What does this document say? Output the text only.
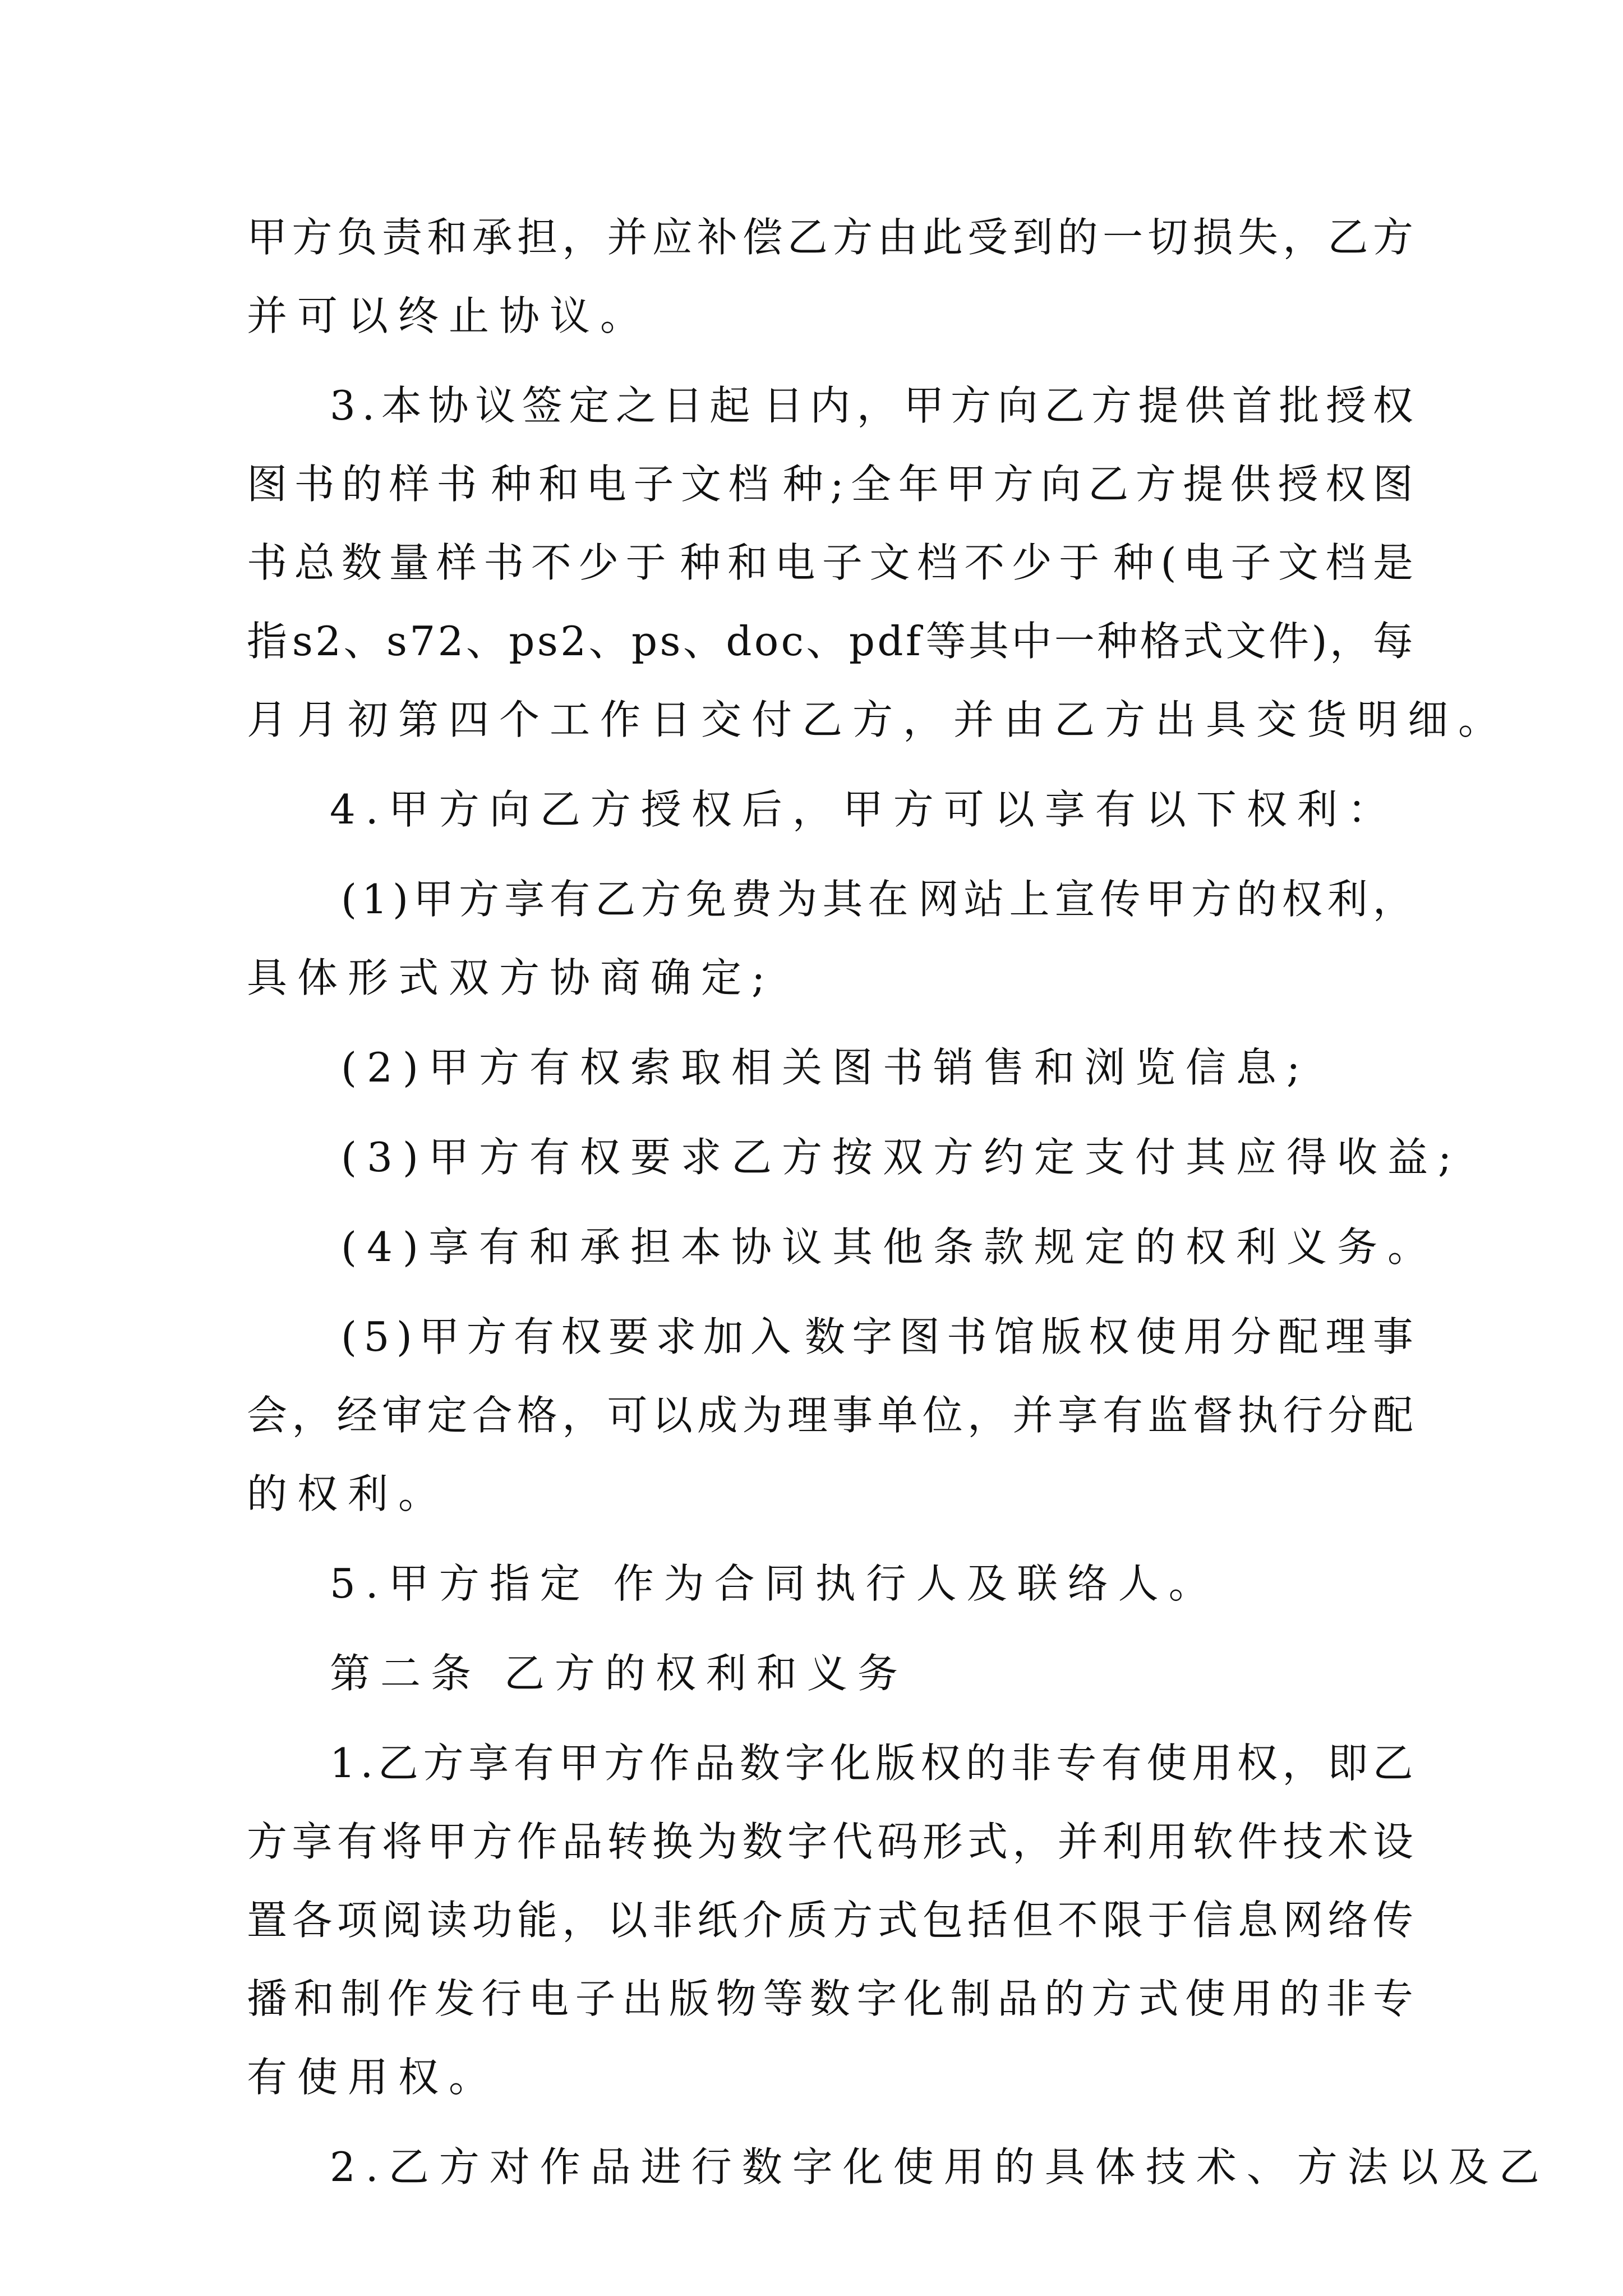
甲 方 负 责 和 承 担 ， 并 应 补 偿 乙 方 由 此 受 到 的 一 切 损 失 ， 乙 方
并可以终止协议。
3 . 本 协 议 签 定 之 日 起 日 内 ， 甲 方 向 乙 方 提 供 首 批 授 权
图 书 的 样 书 种 和 电 子 文 档 种 ; 全 年 甲 方 向 乙 方 提 供 授 权 图
书 总 数 量 样 书 不 少 于 种 和 电 子 文 档 不 少 于 种 ( 电 子 文 档 是
指 s 2 、 s 7 2 、 p s 2 、 p s 、 d o c 、 p d f 等 其 中 一 种 格 式 文 件 ) ， 每
月月初第四个工作日交付乙方，并由乙方出具交货明细。
4.甲方向乙方授权后，甲方可以享有以下权利：
( 1 ) 甲 方 享 有 乙 方 免 费 为 其 在 网 站 上 宣 传 甲 方 的 权 利 ，
具体形式双方协商确定;
(2)甲方有权索取相关图书销售和浏览信息;
(3)甲方有权要求乙方按双方约定支付其应得收益;
(4)享有和承担本协议其他条款规定的权利义务。
( 5 ) 甲 方 有 权 要 求 加 入 数 字 图 书 馆 版 权 使 用 分 配 理 事
会 ， 经 审 定 合 格 ， 可 以 成 为 理 事 单 位 ， 并 享 有 监 督 执 行 分 配
的权利。
5.甲方指定 作为合同执行人及联络人。
第二条 乙方的权利和义务
1 . 乙 方 享 有 甲 方 作 品 数 字 化 版 权 的 非 专 有 使 用 权 ， 即 乙
方 享 有 将 甲 方 作 品 转 换 为 数 字 代 码 形 式 ， 并 利 用 软 件 技 术 设
置 各 项 阅 读 功 能 ， 以 非 纸 介 质 方 式 包 括 但 不 限 于 信 息 网 络 传
播 和 制 作 发 行 电 子 出 版 物 等 数 字 化 制 品 的 方 式 使 用 的 非 专
有使用权。
2.乙方对作品进行数字化使用的具体技术、方法以及乙
